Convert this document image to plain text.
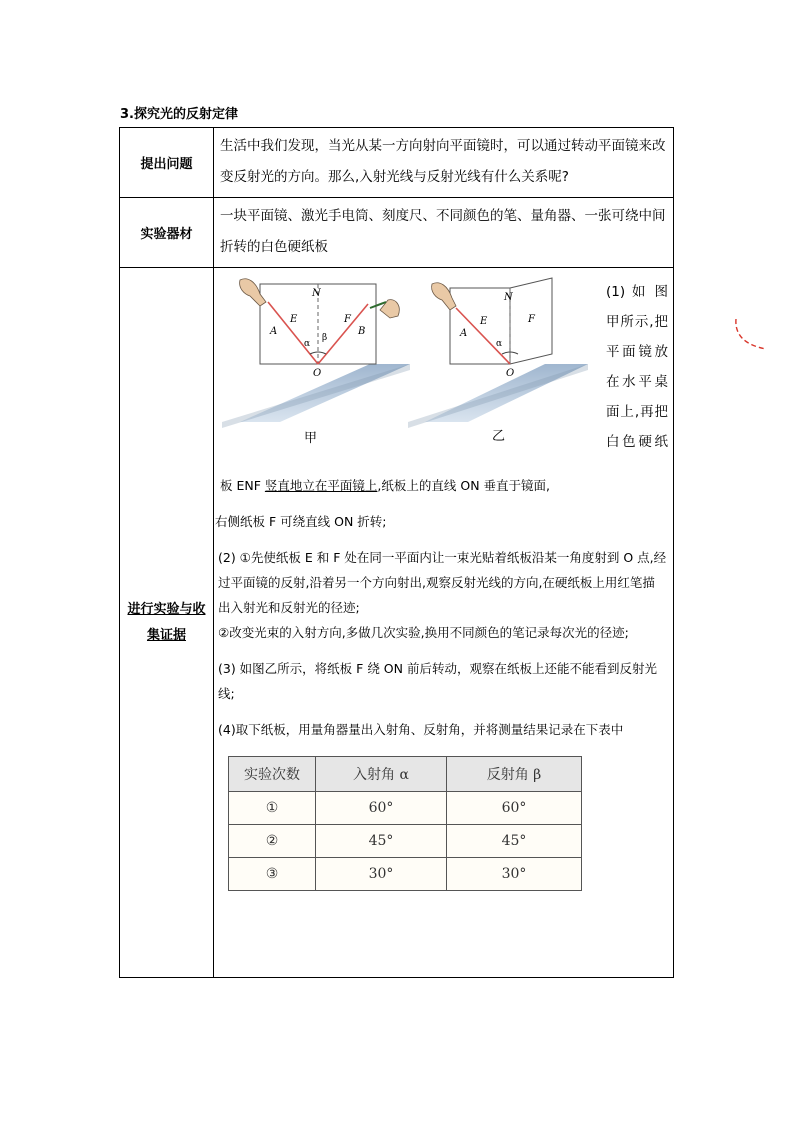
3.探究光的反射定律
提出问题	生活中我们发现，当光从某一方向射向平面镜时，可以通过转动平面镜来改变反射光的方向。那么,入射光线与反射光线有什么关系呢?
实验器材	一块平面镜、激光手电筒、刻度尺、不同颜色的笔、量角器、一张可绕中间折转的白色硬纸板

进行实验与收
集证据

N
E	F
A	B
α
β
O
甲
N
E	F
A
α
O
乙
(1) 如 图 甲所示,把 平面镜放 在水平桌 面上,再把 白色硬纸

板 ENF 竖直地立在平面镜上,纸板上的直线 ON 垂直于镜面,

右侧纸板 F 可绕直线 ON 折转;

(2) ①先使纸板 E 和 F 处在同一平面内让一束光贴着纸板沿某一角度射到 O 点,经过平面镜的反射,沿着另一个方向射出,观察反射光线的方向,在硬纸板上用红笔描出入射光和反射光的径迹;

②改变光束的入射方向,多做几次实验,换用不同颜色的笔记录每次光的径迹;

(3) 如图乙所示，将纸板 F 绕 ON 前后转动，观察在纸板上还能不能看到反射光线;

(4)取下纸板，用量角器量出入射角、反射角，并将测量结果记录在下表中

实验次数	入射角 α	反射角 β
①	60°	60°
②	45°	45°
③	30°	30°
